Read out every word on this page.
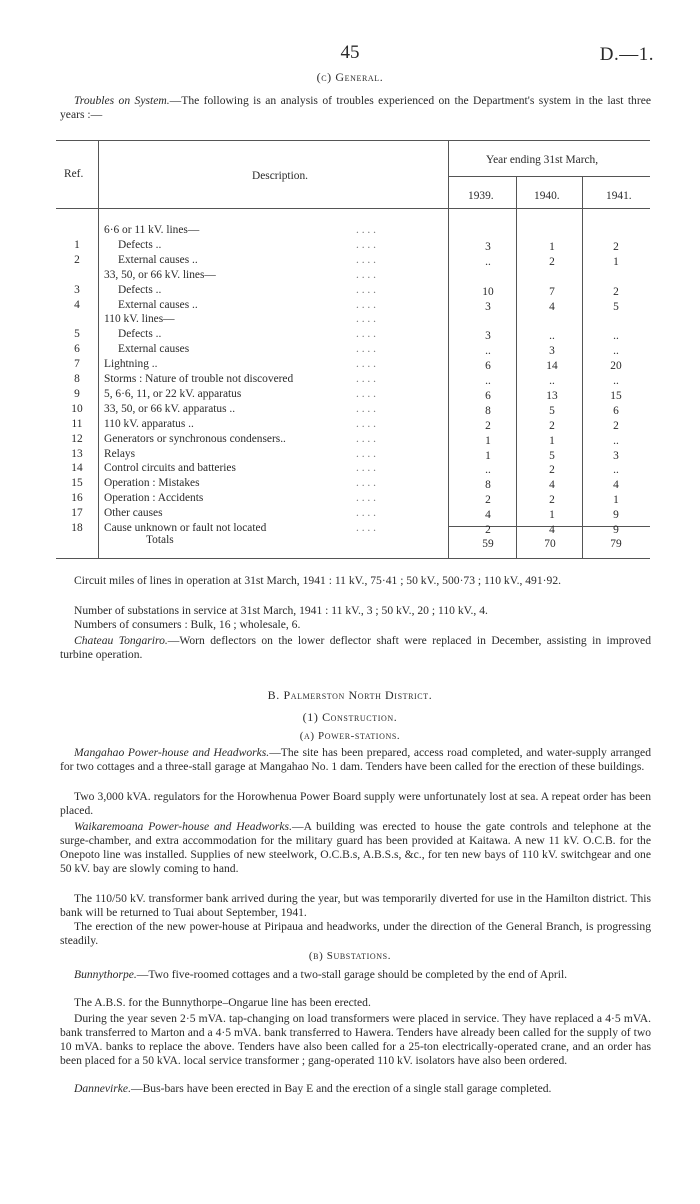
45	D.—1.
(c) General.
Troubles on System.—The following is an analysis of troubles experienced on the Department's system in the last three years :—
Ref.	Description.
Year ending 31st March,
1939.	1940.	1941.
6·6 or 11 kV. lines—	. . . .
1	Defects ..	3	1	2
. . . .
2	External causes ..	..	2	1
. . . .
33, 50, or 66 kV. lines—	. . . .
3	Defects ..	10	7	2
. . . .
4	External causes ..	3	4	5
. . . .
110 kV. lines—	. . . .
5	Defects ..	3	..	..
. . . .
6	External causes	..	3	..
. . . .
7	Lightning ..	6	14	20
. . . .
8	Storms : Nature of trouble not discovered	..	..	..
. . . .
9	5, 6·6, 11, or 22 kV. apparatus	6	13	15
. . . .
10 33, 50, or 66 kV. apparatus ..	8	5	6
. . . .
11 110 kV. apparatus ..	2	2	2
. . . .
12 Generators or synchronous condensers..	1	1	..
. . . .
13 Relays	1	5	3
. . . .
14 Control circuits and batteries	..	2	..
. . . .
15 Operation : Mistakes	8	4	4
. . . .
16 Operation : Accidents	2	2	1
. . . .
17 Other causes	4	1	9
. . . .
18 Cause unknown or fault not located	2	4	9
. . . .
Totals	59	70	79
Circuit miles of lines in operation at 31st March, 1941 : 11 kV., 75·41 ; 50 kV., 500·73 ; 110 kV., 491·92.
Number of substations in service at 31st March, 1941 : 11 kV., 3 ; 50 kV., 20 ; 110 kV., 4.
Numbers of consumers : Bulk, 16 ; wholesale, 6.
Chateau Tongariro.—Worn deflectors on the lower deflector shaft were replaced in December, assisting in improved turbine operation.
B. Palmerston North District.
(1) Construction.
(a) Power-stations.
Mangahao Power-house and Headworks.—The site has been prepared, access road completed, and water-supply arranged for two cottages and a three-stall garage at Mangahao No. 1 dam. Tenders have been called for the erection of these buildings.
Two 3,000 kVA. regulators for the Horowhenua Power Board supply were unfortunately lost at sea. A repeat order has been placed.
Waikaremoana Power-house and Headworks.—A building was erected to house the gate controls and telephone at the surge-chamber, and extra accommodation for the military guard has been provided at Kaitawa. A new 11 kV. O.C.B. for the Onepoto line was installed. Supplies of new steelwork, O.C.B.s, A.B.S.s, &c., for ten new bays of 110 kV. switchgear and one 50 kV. bay are slowly coming to hand.
The 110/50 kV. transformer bank arrived during the year, but was temporarily diverted for use in the Hamilton district. This bank will be returned to Tuai about September, 1941.
The erection of the new power-house at Piripaua and headworks, under the direction of the General Branch, is progressing steadily.
(b) Substations.
Bunnythorpe.—Two five-roomed cottages and a two-stall garage should be completed by the end of April.
The A.B.S. for the Bunnythorpe–Ongarue line has been erected.
During the year seven 2·5 mVA. tap-changing on load transformers were placed in service. They have replaced a 4·5 mVA. bank transferred to Marton and a 4·5 mVA. bank transferred to Hawera. Tenders have already been called for the supply of two 10 mVA. banks to replace the above. Tenders have also been called for a 25-ton electrically-operated crane, and an order has been placed for a 50 kVA. local service transformer ; gang-operated 110 kV. isolators have also been ordered.
Dannevirke.—Bus-bars have been erected in Bay E and the erection of a single stall garage completed.
